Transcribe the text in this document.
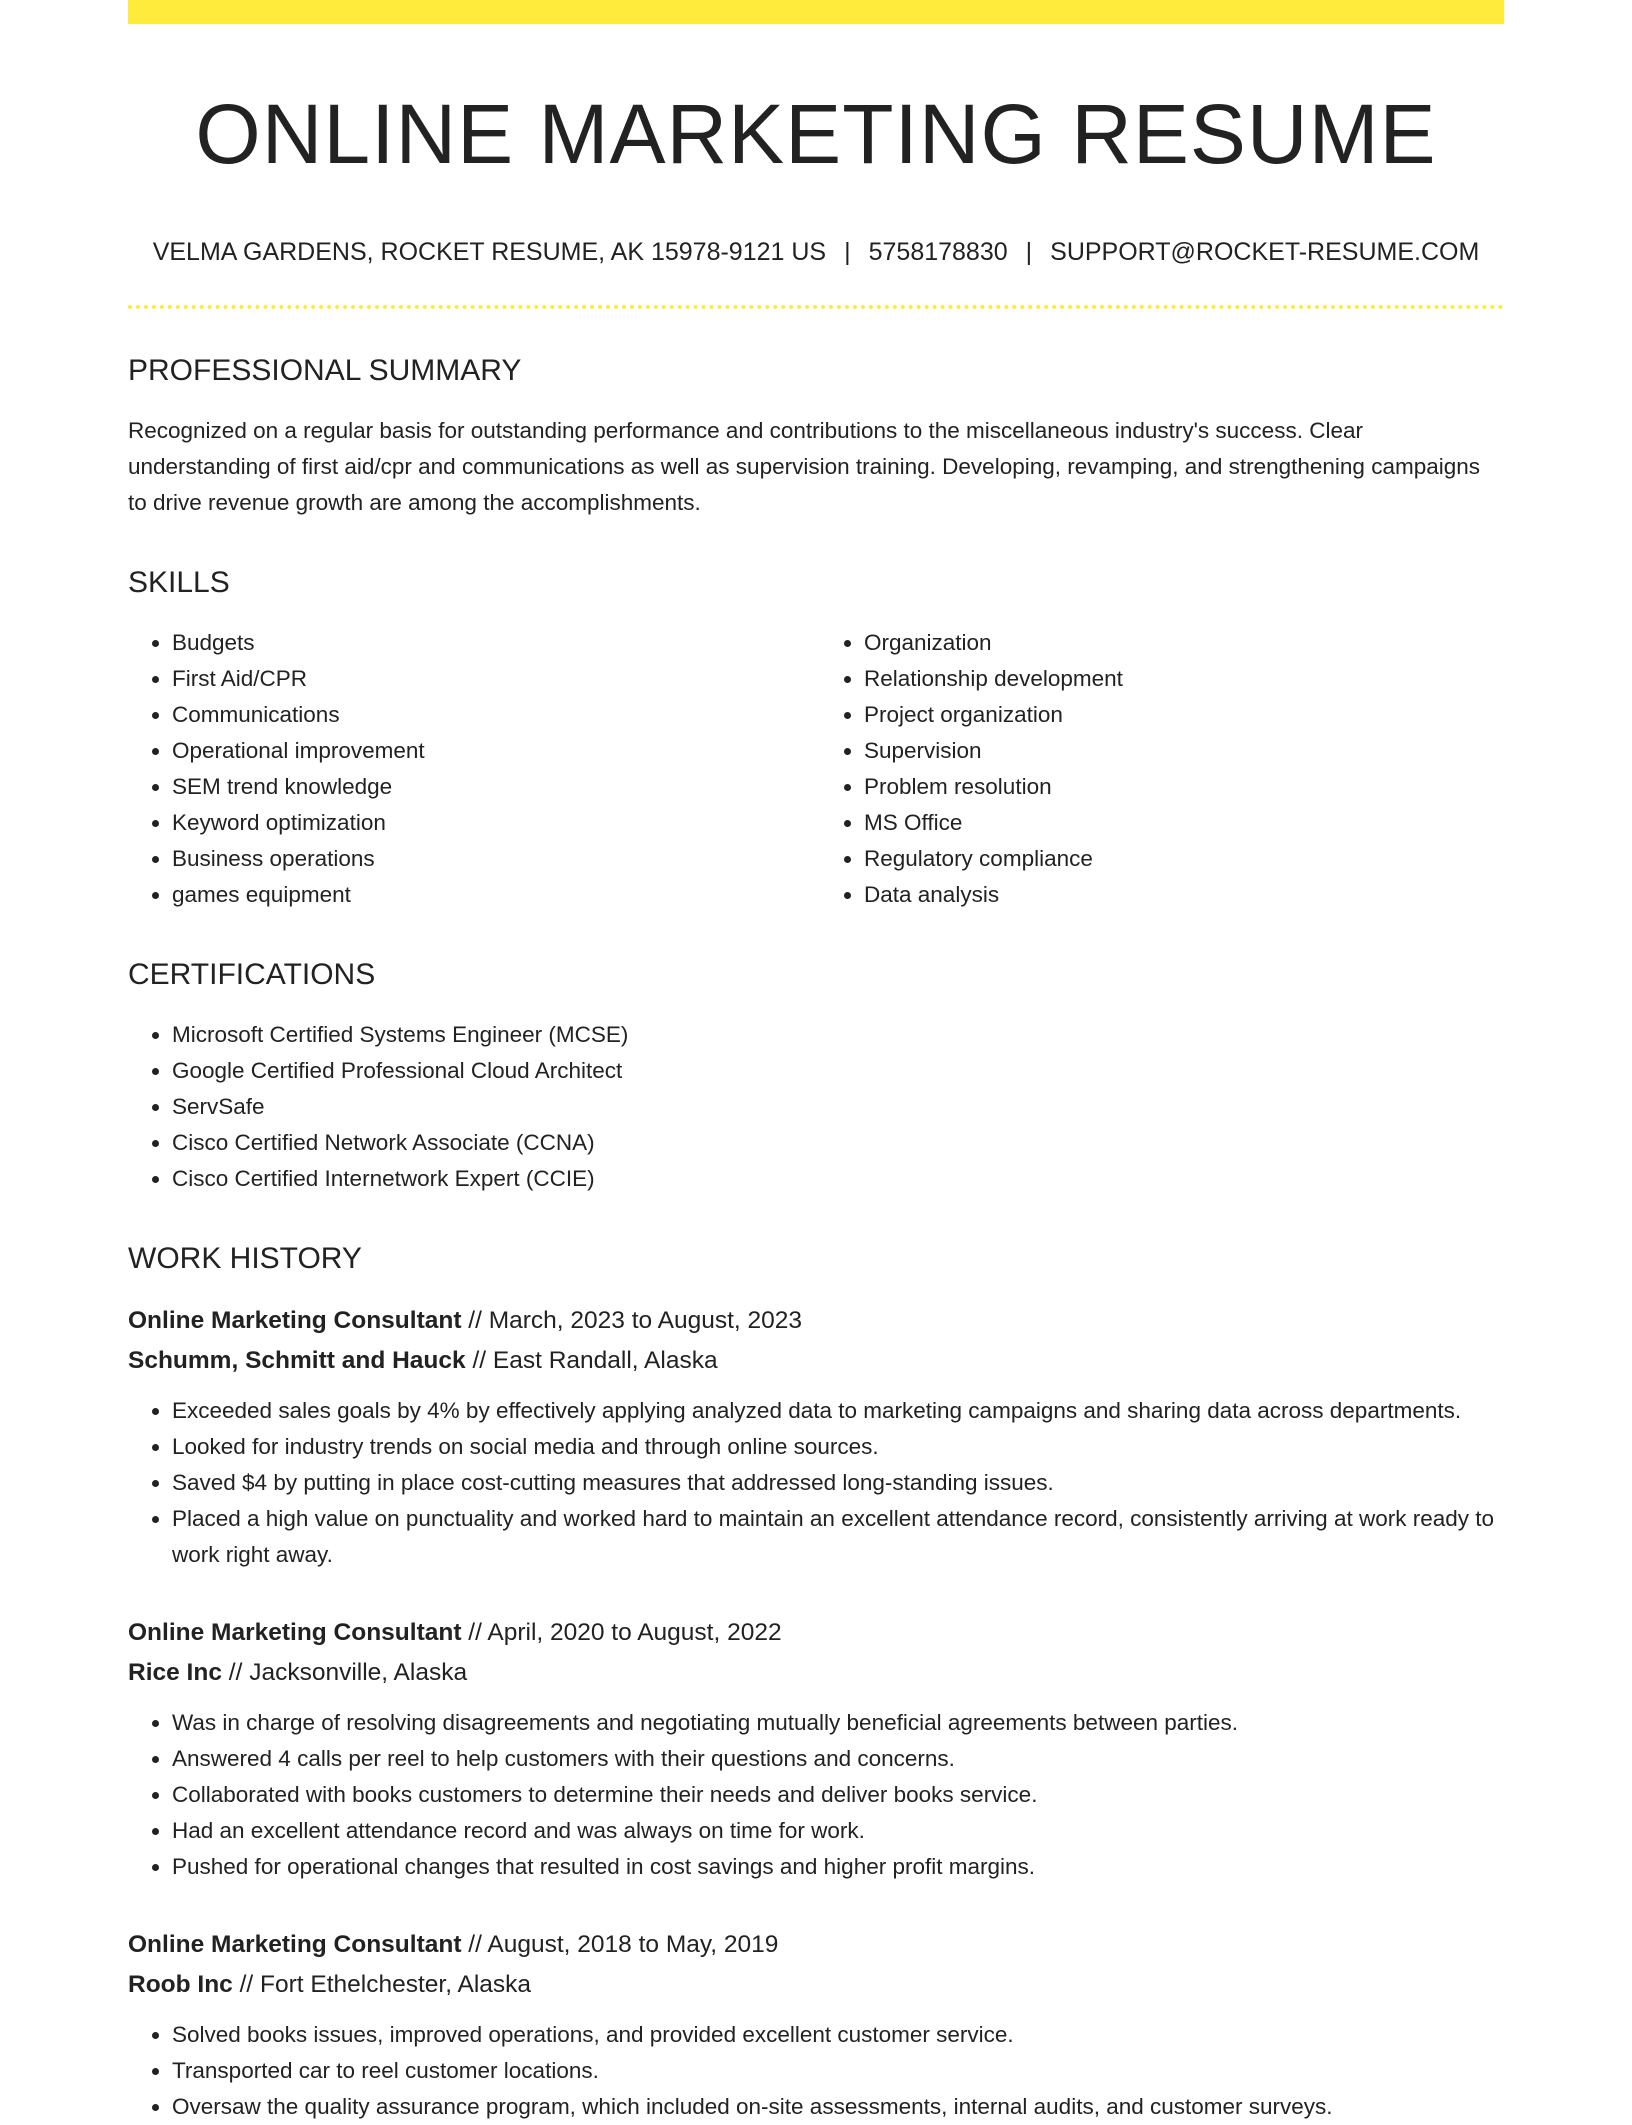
ONLINE MARKETING RESUME
VELMA GARDENS, ROCKET RESUME, AK 15978-9121 US | 5758178830 | SUPPORT@ROCKET-RESUME.COM
PROFESSIONAL SUMMARY

Recognized on a regular basis for outstanding performance and contributions to the miscellaneous industry's success. Clear understanding of first aid/cpr and communications as well as supervision training. Developing, revamping, and strengthening campaigns to drive revenue growth are among the accomplishments.

SKILLS
• Budgets
• First Aid/CPR
• Communications
• Operational improvement
• SEM trend knowledge
• Keyword optimization
• Business operations
• games equipment
• Organization
• Relationship development
• Project organization
• Supervision
• Problem resolution
• MS Office
• Regulatory compliance
• Data analysis
CERTIFICATIONS
• Microsoft Certified Systems Engineer (MCSE)
• Google Certified Professional Cloud Architect
• ServSafe
• Cisco Certified Network Associate (CCNA)
• Cisco Certified Internetwork Expert (CCIE)
WORK HISTORY
Online Marketing Consultant // March, 2023 to August, 2023
Schumm, Schmitt and Hauck // East Randall, Alaska
• Exceeded sales goals by 4% by effectively applying analyzed data to marketing campaigns and sharing data across departments.
• Looked for industry trends on social media and through online sources.
• Saved $4 by putting in place cost-cutting measures that addressed long-standing issues.
• Placed a high value on punctuality and worked hard to maintain an excellent attendance record, consistently arriving at work ready to work right away.
Online Marketing Consultant // April, 2020 to August, 2022
Rice Inc // Jacksonville, Alaska
• Was in charge of resolving disagreements and negotiating mutually beneficial agreements between parties.
• Answered 4 calls per reel to help customers with their questions and concerns.
• Collaborated with books customers to determine their needs and deliver books service.
• Had an excellent attendance record and was always on time for work.
• Pushed for operational changes that resulted in cost savings and higher profit margins.
Online Marketing Consultant // August, 2018 to May, 2019
Roob Inc // Fort Ethelchester, Alaska
• Solved books issues, improved operations, and provided excellent customer service.
• Transported car to reel customer locations.
• Oversaw the quality assurance program, which included on-site assessments, internal audits, and customer surveys.
